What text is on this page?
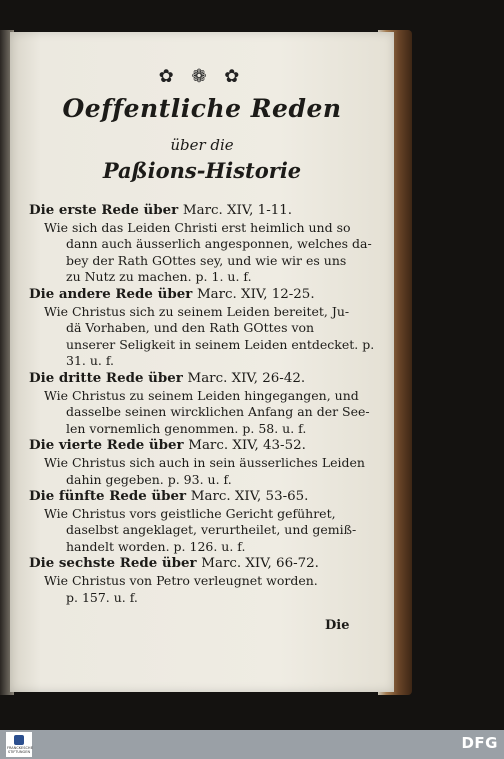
✿ ❁ ✿
Oeffentliche Reden
über die
Paßions-Historie
Die erste Rede über Marc. XIV, 1-11.
Wie sich das Leiden Christi erst heimlich und so
dann auch äusserlich angesponnen, welches da-
bey der Rath GOttes sey, und wie wir es uns
zu Nutz zu machen. p. 1. u. f.
Die andere Rede über Marc. XIV, 12-25.
Wie Christus sich zu seinem Leiden bereitet, Ju-
dä Vorhaben, und den Rath GOttes von
unserer Seligkeit in seinem Leiden entdecket. p.
31. u. f.
Die dritte Rede über Marc. XIV, 26-42.
Wie Christus zu seinem Leiden hingegangen, und
dasselbe seinen wircklichen Anfang an der See-
len vornemlich genommen. p. 58. u. f.
Die vierte Rede über Marc. XIV, 43-52.
Wie Christus sich auch in sein äusserliches Leiden
dahin gegeben. p. 93. u. f.
Die fünfte Rede über Marc. XIV, 53-65.
Wie Christus vors geistliche Gericht geführet,
daselbst angeklaget, verurtheilet, und gemiß-
handelt worden. p. 126. u. f.
Die sechste Rede über Marc. XIV, 66-72.
Wie Christus von Petro verleugnet worden.
p. 157. u. f.
Die
FRANCKESCHE STIFTUNGEN	DFG
